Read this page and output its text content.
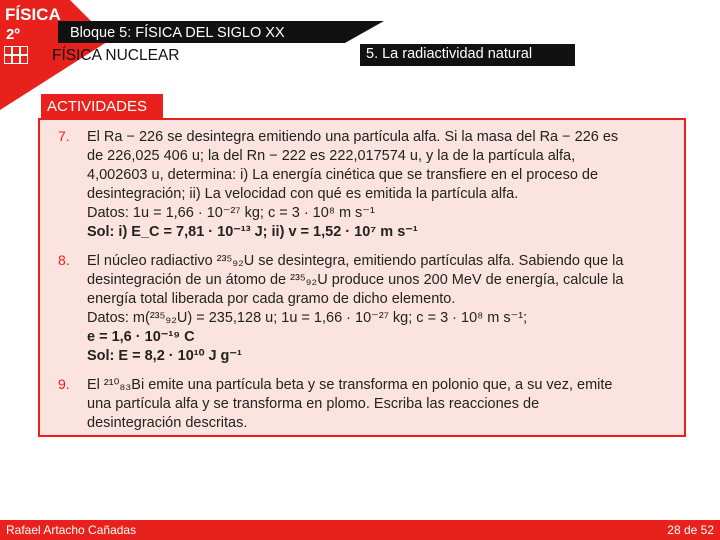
FÍSICA
2º	Bloque 5: FÍSICA DEL SIGLO XX
FÍSICA NUCLEAR	5. La radiactividad natural
ACTIVIDADES
7. El Ra − 226 se desintegra emitiendo una partícula alfa. Si la masa del Ra − 226 es
de 226,025 406 u; la del Rn − 222 es 222,017574 u, y la de la partícula alfa,
4,002603 u, determina: i) La energía cinética que se transfiere en el proceso de
desintegración; ii) La velocidad con qué es emitida la partícula alfa.
Datos: 1u = 1,66 · 10⁻²⁷ kg; c = 3 · 10⁸ m s⁻¹
Sol: i) E_C = 7,81 · 10⁻¹³ J; ii) v = 1,52 · 10⁷ m s⁻¹
8. El núcleo radiactivo ²³⁵₉₂U se desintegra, emitiendo partículas alfa. Sabiendo que la
desintegración de un átomo de ²³⁵₉₂U produce unos 200 MeV de energía, calcule la
energía total liberada por cada gramo de dicho elemento.
Datos: m(²³⁵₉₂U) = 235,128 u; 1u = 1,66 · 10⁻²⁷ kg; c = 3 · 10⁸ m s⁻¹;
e = 1,6 · 10⁻¹⁹ C
Sol: E = 8,2 · 10¹⁰ J g⁻¹
9. El ²¹⁰₈₃Bi emite una partícula beta y se transforma en polonio que, a su vez, emite
una partícula alfa y se transforma en plomo. Escriba las reacciones de
desintegración descritas.
Rafael Artacho Cañadas	28 de 52
